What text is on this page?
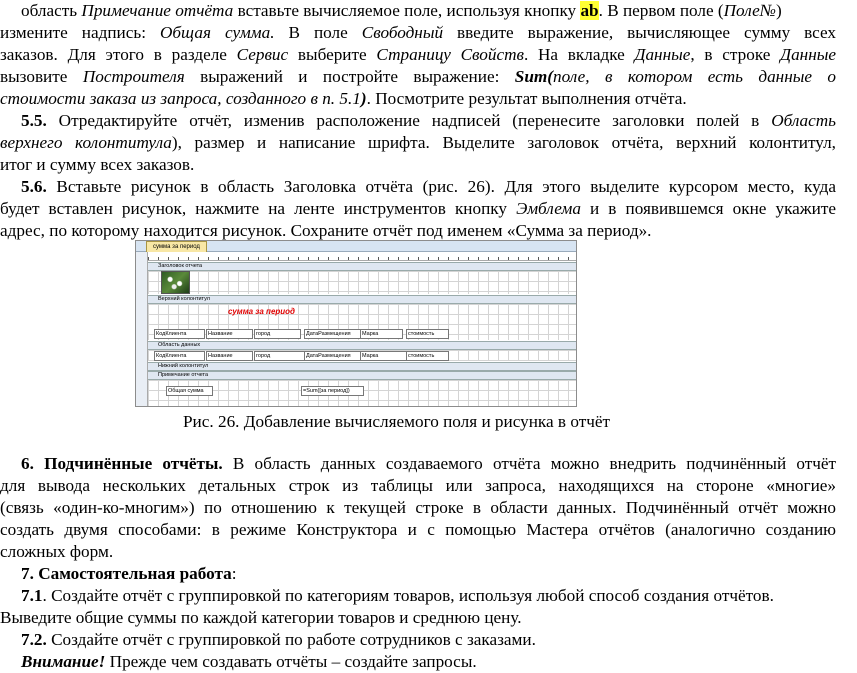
область Примечание отчёта вставьте вычисляемое поле, используя кнопку ab. В первом поле (Поле№)
измените надпись: Общая сумма. В поле Свободный введите выражение, вычисляющее сумму всех
заказов. Для этого в разделе Сервис выберите Страницу Свойств. На вкладке Данные, в строке Данные
вызовите Построителя выражений и постройте выражение: Sum(поле, в котором есть данные о
стоимости заказа из запроса, созданного в п. 5.1). Посмотрите результат выполнения отчёта.
5.5. Отредактируйте отчёт, изменив расположение надписей (перенесите заголовки полей в Область
верхнего колонтитула), размер и написание шрифта. Выделите заголовок отчёта, верхний колонтитул,
итог и сумму всех заказов.
5.6. Вставьте рисунок в область Заголовка отчёта (рис. 26). Для этого выделите курсором место, куда
будет вставлен рисунок, нажмите на ленте инструментов кнопку Эмблема и в появившемся окне укажите
адрес, по которому находится рисунок. Сохраните отчёт под именем «Сумма за период».
сумма за период
Заголовок отчета
Верхний колонтитул
сумма за период
КодКлиента	Название	город	ДатаРазмещения	Марка	стоимость
Область данных
КодКлиента	Название	город	ДатаРазмещения	Марка	стоимость
Нижний колонтитул
Примечание отчета
Общая сумма	=Sum([за период])
Рис. 26. Добавление вычисляемого поля и рисунка в отчёт
6. Подчинённые отчёты. В область данных создаваемого отчёта можно внедрить подчинённый отчёт
для вывода нескольких детальных строк из таблицы или запроса, находящихся на стороне «многие»
(связь «один-ко-многим») по отношению к текущей строке в области данных. Подчинённый отчёт можно
создать двумя способами: в режиме Конструктора и с помощью Мастера отчётов (аналогично созданию
сложных форм.
7. Самостоятельная работа:
7.1. Создайте отчёт с группировкой по категориям товаров, используя любой способ создания отчётов.
Выведите общие суммы по каждой категории товаров и среднюю цену.
7.2. Создайте отчёт с группировкой по работе сотрудников с заказами.
Внимание! Прежде чем создавать отчёты – создайте запросы.
